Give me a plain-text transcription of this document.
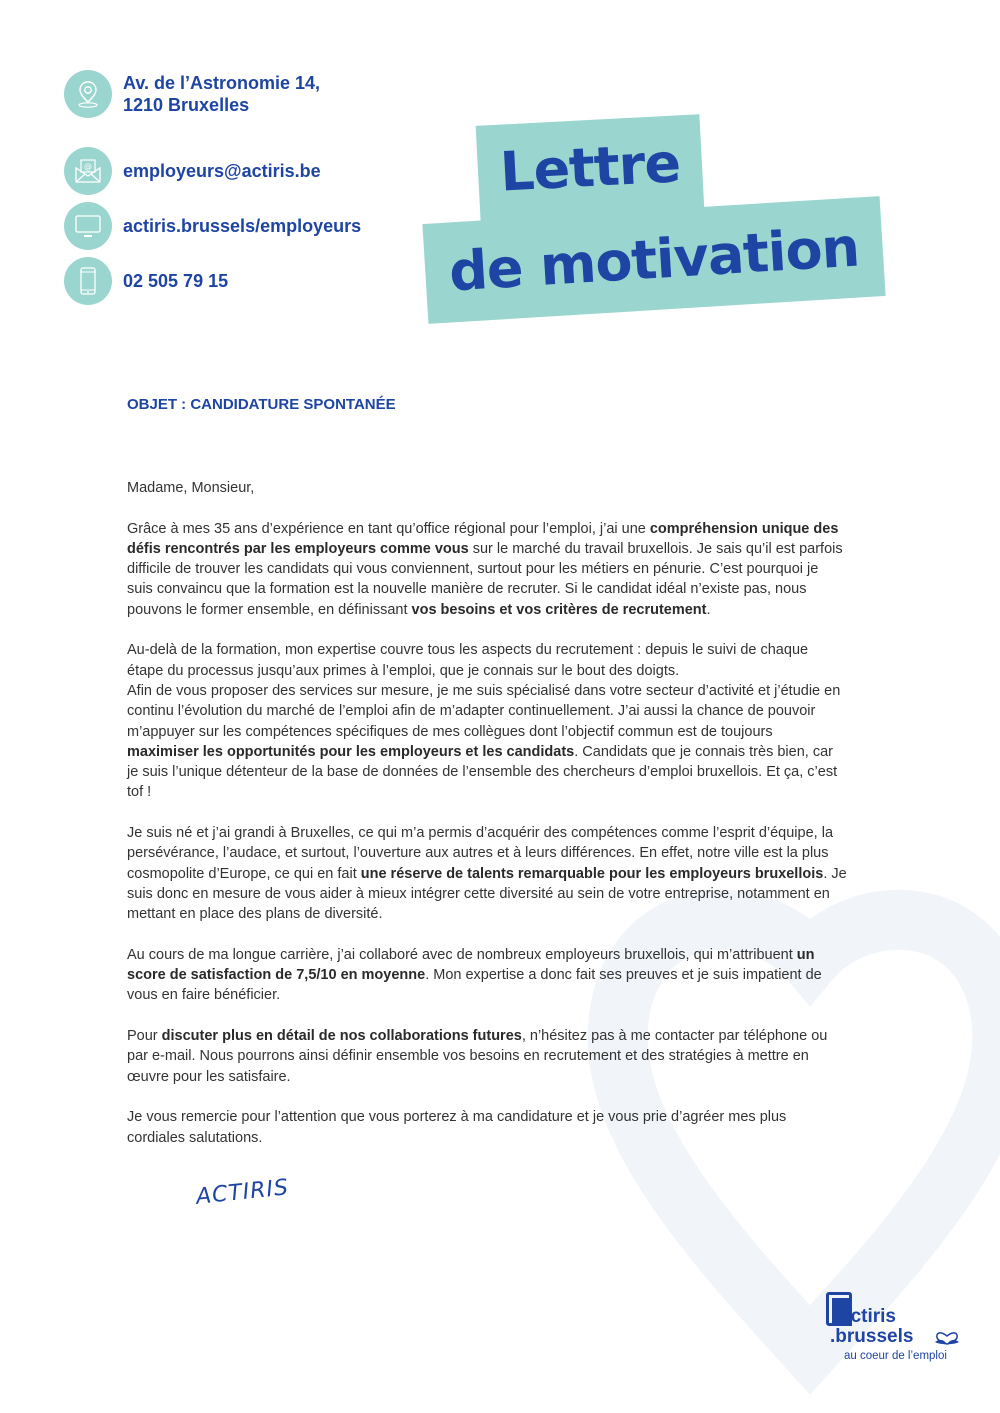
Av. de l’Astronomie 14,
1210 Bruxelles
@ employeurs@actiris.be
actiris.brussels/employeurs
02 505 79 15
Lettre
de motivation
OBJET : CANDIDATURE SPONTANÉE

Madame, Monsieur,

Grâce à mes 35 ans d’expérience en tant qu’office régional pour l’emploi, j’ai une compréhension unique des défis rencontrés par les employeurs comme vous sur le marché du travail bruxellois. Je sais qu’il est parfois difficile de trouver les candidats qui vous conviennent, surtout pour les métiers en pénurie. C’est pourquoi je suis convaincu que la formation est la nouvelle manière de recruter. Si le candidat idéal n’existe pas, nous pouvons le former ensemble, en définissant vos besoins et vos critères de recrutement.

Au-delà de la formation, mon expertise couvre tous les aspects du recrutement : depuis le suivi de chaque étape du processus jusqu’aux primes à l’emploi, que je connais sur le bout des doigts.

Afin de vous proposer des services sur mesure, je me suis spécialisé dans votre secteur d’activité et j’étudie en continu l’évolution du marché de l’emploi afin de m’adapter continuellement. J’ai aussi la chance de pouvoir m’appuyer sur les compétences spécifiques de mes collègues dont l’objectif commun est de toujours maximiser les opportunités pour les employeurs et les candidats. Candidats que je connais très bien, car je suis l’unique détenteur de la base de données de l’ensemble des chercheurs d’emploi bruxellois. Et ça, c’est tof !

Je suis né et j’ai grandi à Bruxelles, ce qui m’a permis d’acquérir des compétences comme l’esprit d’équipe, la persévérance, l’audace, et surtout, l’ouverture aux autres et à leurs différences. En effet, notre ville est la plus cosmopolite d’Europe, ce qui en fait une réserve de talents remarquable pour les employeurs bruxellois. Je suis donc en mesure de vous aider à mieux intégrer cette diversité au sein de votre entreprise, notamment en mettant en place des plans de diversité.

Au cours de ma longue carrière, j’ai collaboré avec de nombreux employeurs bruxellois, qui m’attribuent un score de satisfaction de 7,5/10 en moyenne. Mon expertise a donc fait ses preuves et je suis impatient de vous en faire bénéficier.

Pour discuter plus en détail de nos collaborations futures, n’hésitez pas à me contacter par téléphone ou par e-mail. Nous pourrons ainsi définir ensemble vos besoins en recrutement et des stratégies à mettre en œuvre pour les satisfaire.

Je vous remercie pour l’attention que vous porterez à ma candidature et je vous prie d’agréer mes plus cordiales salutations.

ACTIRIS
actiris
.brussels
au coeur de l’emploi
